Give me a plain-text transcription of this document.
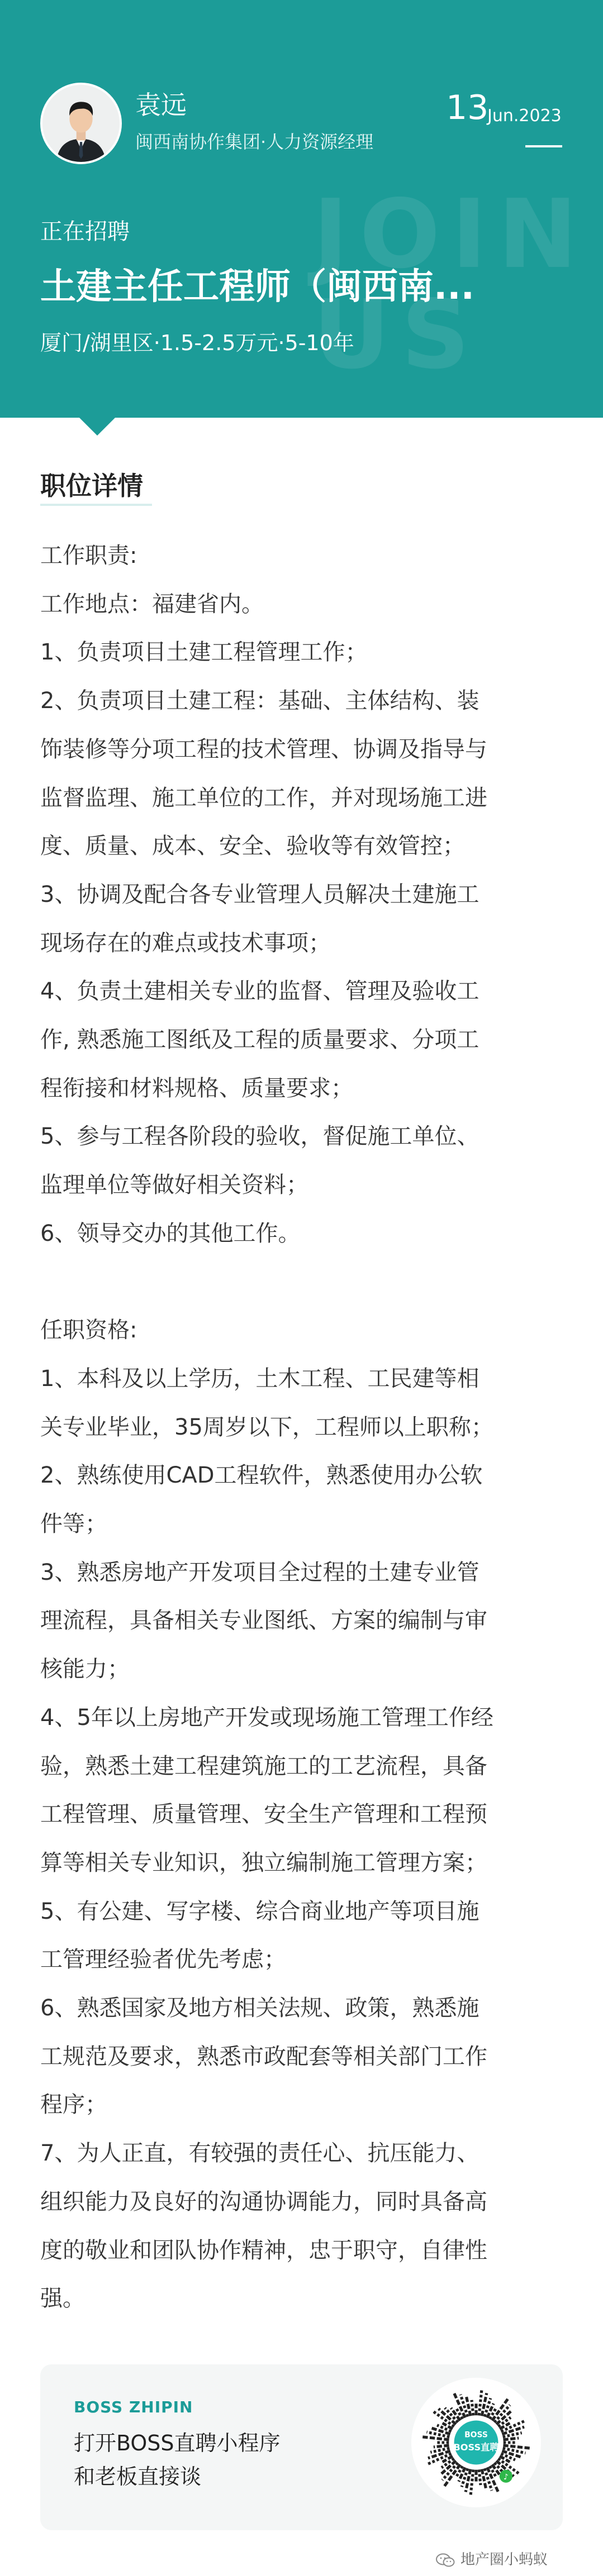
JOIN US
袁远
闽西南协作集团·人力资源经理
13
Jun.2023
正在招聘
土建主任工程师（闽西南...
厦门/湖里区·1.5-2.5万元·5-10年
职位详情

工作职责:

工作地点：福建省内。

1、负责项目土建工程管理工作；

2、负责项目土建工程：基础、主体结构、装

饰装修等分项工程的技术管理、协调及指导与

监督监理、施工单位的工作，并对现场施工进

度、质量、成本、安全、验收等有效管控；

3、协调及配合各专业管理人员解决土建施工

现场存在的难点或技术事项；

4、负责土建相关专业的监督、管理及验收工

作, 熟悉施工图纸及工程的质量要求、分项工

程衔接和材料规格、质量要求；

5、参与工程各阶段的验收，督促施工单位、

监理单位等做好相关资料；

6、领导交办的其他工作。

任职资格:

1、本科及以上学历，土木工程、工民建等相

关专业毕业，35周岁以下，工程师以上职称；

2、熟练使用CAD工程软件，熟悉使用办公软

件等；

3、熟悉房地产开发项目全过程的土建专业管

理流程，具备相关专业图纸、方案的编制与审

核能力；

4、5年以上房地产开发或现场施工管理工作经

验，熟悉土建工程建筑施工的工艺流程，具备

工程管理、质量管理、安全生产管理和工程预

算等相关专业知识，独立编制施工管理方案；

5、有公建、写字楼、综合商业地产等项目施

工管理经验者优先考虑；

6、熟悉国家及地方相关法规、政策，熟悉施

工规范及要求，熟悉市政配套等相关部门工作

程序；

7、为人正直，有较强的责任心、抗压能力、

组织能力及良好的沟通协调能力，同时具备高

度的敬业和团队协作精神，忠于职守，自律性

强。

BOSS ZHIPIN
打开BOSS直聘小程序
和老板直接谈
BOSS
BOSS直聘
♪
地产圈小蚂蚁
